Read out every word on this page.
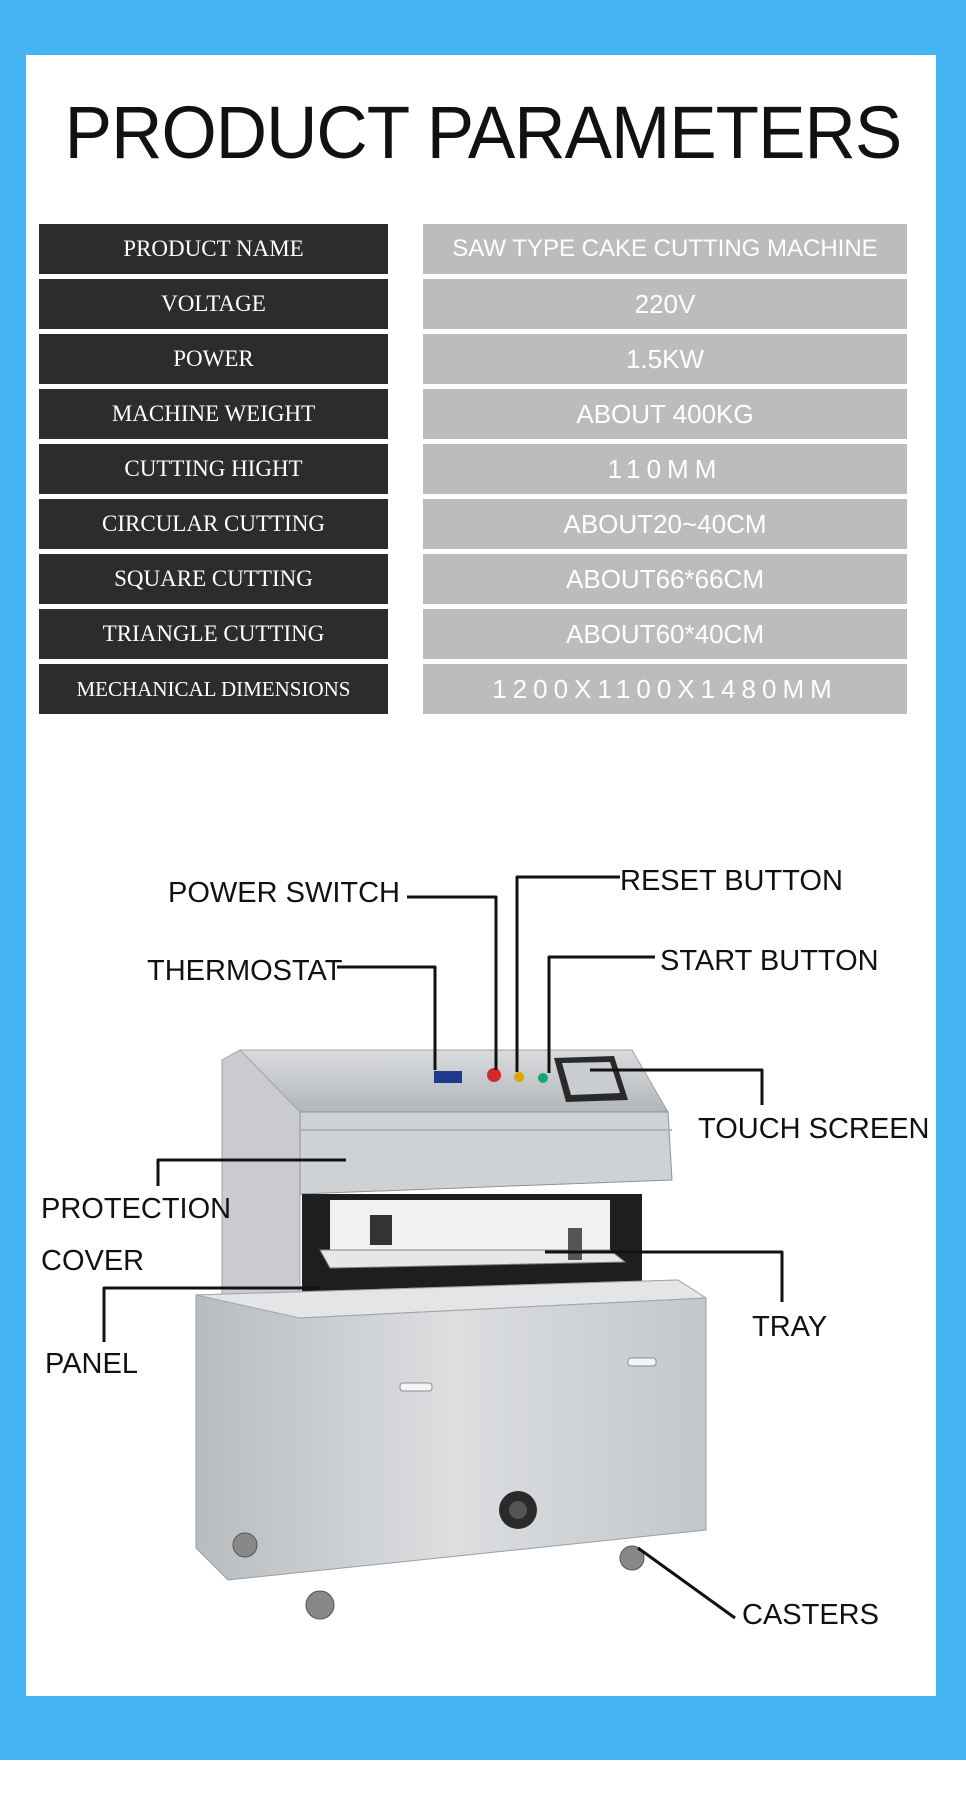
PRODUCT PARAMETERS
PRODUCT NAME	SAW TYPE CAKE CUTTING MACHINE
VOLTAGE	220V
POWER	1.5KW
MACHINE WEIGHT	ABOUT 400KG
CUTTING HIGHT	110MM
CIRCULAR CUTTING	ABOUT20~40CM
SQUARE CUTTING	ABOUT66*66CM
TRIANGLE CUTTING	ABOUT60*40CM
MECHANICAL DIMENSIONS	1200X1100X1480MM
POWER SWITCH	RESET BUTTON
THERMOSTAT	START BUTTON
TOUCH SCREEN
PROTECTION
COVER
TRAY
PANEL
CASTERS
